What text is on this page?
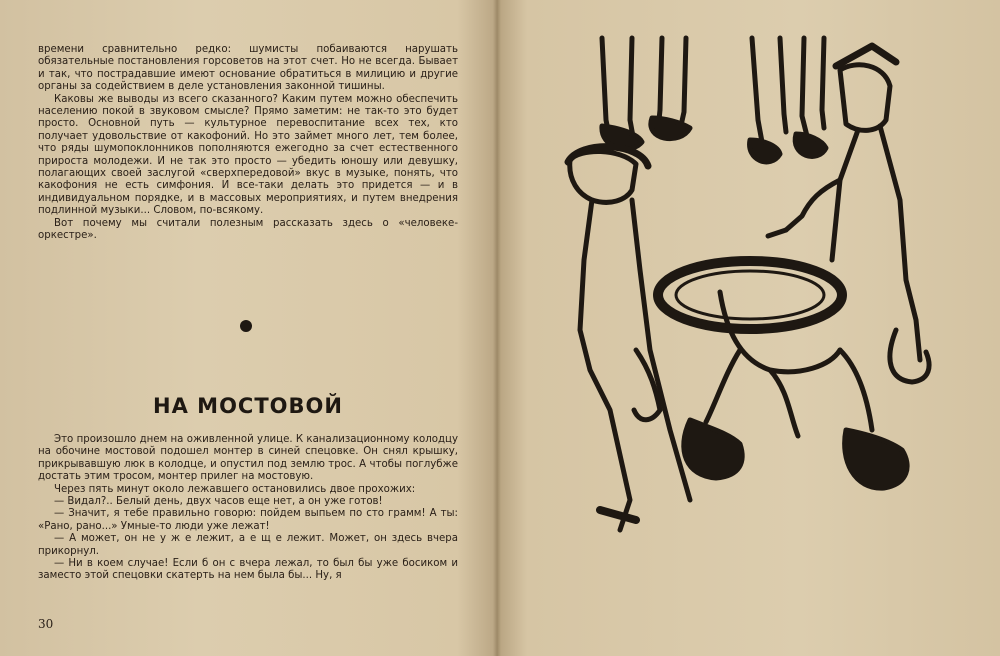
времени сравнительно редко: шумисты побаиваются нарушать обязательные постановления горсоветов на этот счет. Но не всегда. Бывает и так, что пострадавшие имеют основание обратиться в милицию и другие органы за содействием в деле установления законной тишины.

Каковы же выводы из всего сказанного? Каким путем можно обеспечить населению покой в звуковом смысле? Прямо заметим: не так-то это будет просто. Основной путь — культурное перевоспитание всех тех, кто получает удовольствие от какофоний. Но это займет много лет, тем более, что ряды шумопоклонников пополняются ежегодно за счет естественного прироста молодежи. И не так это просто — убедить юношу или девушку, полагающих своей заслугой «сверхпередовой» вкус в музыке, понять, что какофония не есть симфония. И все-таки делать это придется — и в индивидуальном порядке, и в массовых мероприятиях, и путем внедрения подлинной музыки... Словом, по-всякому.

Вот почему мы считали полезным рассказать здесь о «человеке-оркестре».

НА МОСТОВОЙ

Это произошло днем на оживленной улице. К канализационному колодцу на обочине мостовой подошел монтер в синей спецовке. Он снял крышку, прикрывавшую люк в колодце, и опустил под землю трос. А чтобы поглубже достать этим тросом, монтер прилег на мостовую.

Через пять минут около лежавшего остановились двое прохожих:

— Видал?.. Белый день, двух часов еще нет, а он уже готов!

— Значит, я тебе правильно говорю: пойдем выпьем по сто грамм! А ты: «Рано, рано...» Умные-то люди уже лежат!

— А может, он не у ж е лежит, а е щ е лежит. Может, он здесь вчера прикорнул.

— Ни в коем случае! Если б он с вчера лежал, то был бы уже босиком и заместо этой спецовки скатерть на нем была бы... Ну, я

30
